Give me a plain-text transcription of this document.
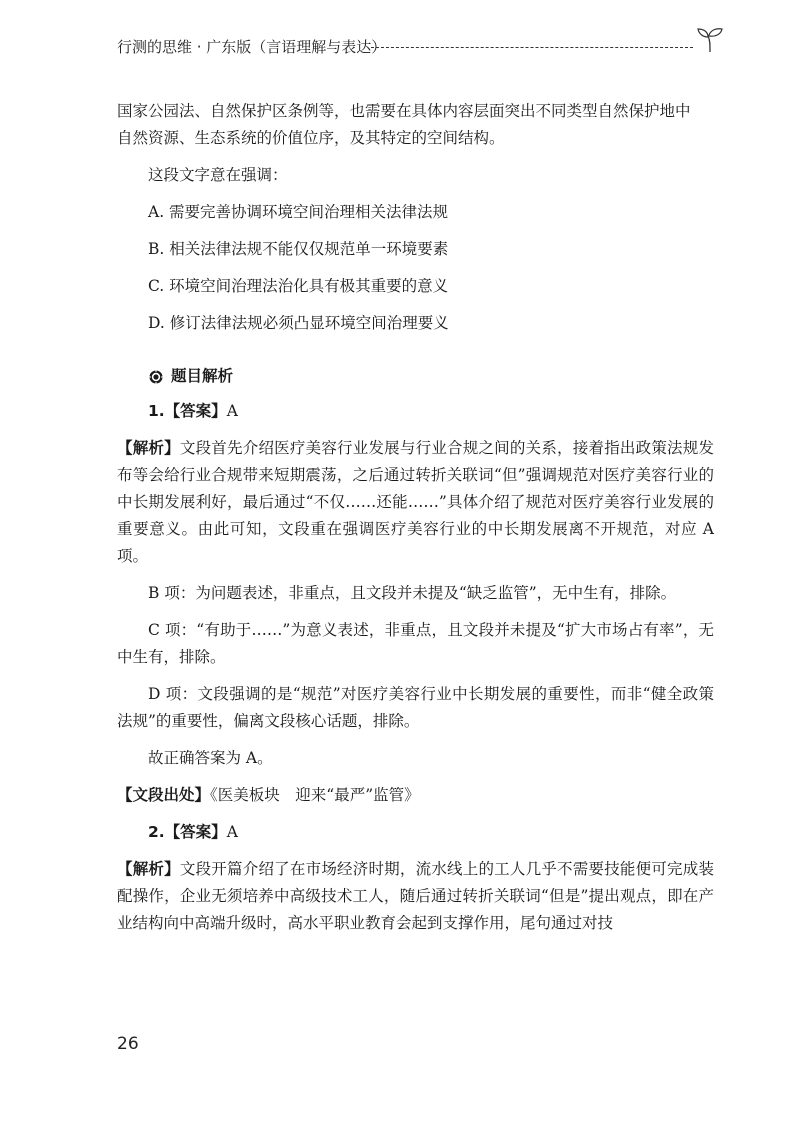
行测的思维 · 广东版（言语理解与表达）

国家公园法、自然保护区条例等，也需要在具体内容层面突出不同类型自然保护地中

自然资源、生态系统的价值位序，及其特定的空间结构。

这段文字意在强调：

A. 需要完善协调环境空间治理相关法律法规

B. 相关法律法规不能仅仅规范单一环境要素

C. 环境空间治理法治化具有极其重要的意义

D. 修订法律法规必须凸显环境空间治理要义

题目解析

1.【答案】A

【解析】文段首先介绍医疗美容行业发展与行业合规之间的关系，接着指出政策法规发布等会给行业合规带来短期震荡，之后通过转折关联词“但”强调规范对医疗美容行业的中长期发展利好，最后通过“不仅……还能……”具体介绍了规范对医疗美容行业发展的重要意义。由此可知，文段重在强调医疗美容行业的中长期发展离不开规范，对应 A 项。

B 项：为问题表述，非重点，且文段并未提及“缺乏监管”，无中生有，排除。

C 项：“有助于……”为意义表述，非重点，且文段并未提及“扩大市场占有率”，无中生有，排除。

D 项：文段强调的是“规范”对医疗美容行业中长期发展的重要性，而非“健全政策法规”的重要性，偏离文段核心话题，排除。

故正确答案为 A。

【文段出处】《医美板块　迎来“最严”监管》

2.【答案】A

【解析】文段开篇介绍了在市场经济时期，流水线上的工人几乎不需要技能便可完成装配操作，企业无须培养中高级技术工人，随后通过转折关联词“但是”提出观点，即在产业结构向中高端升级时，高水平职业教育会起到支撑作用，尾句通过对技

26
